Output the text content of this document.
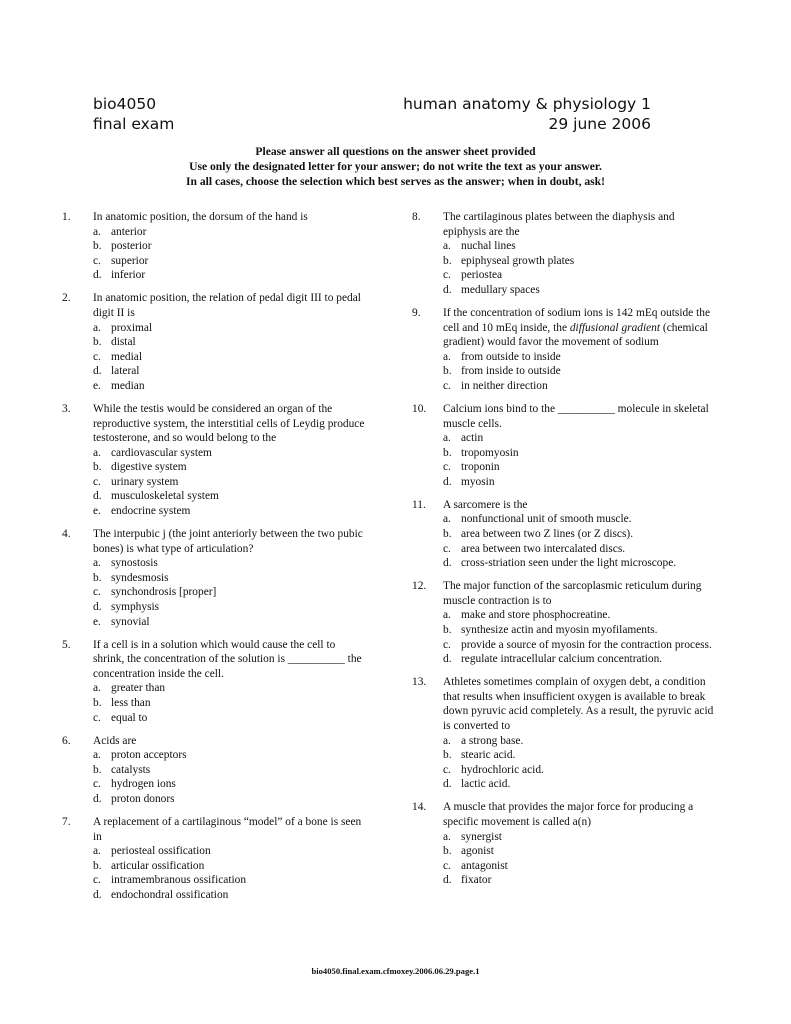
bio4050
final exam
human anatomy & physiology 1
29 june 2006
Please answer all questions on the answer sheet provided
Use only the designated letter for your answer; do not write the text as your answer.
In all cases, choose the selection which best serves as the answer; when in doubt, ask!
1.	In anatomic position, the dorsum of the hand is
a. anterior
b. posterior
c. superior
d. inferior
2.	In anatomic position, the relation of pedal digit III to pedal digit II is
a. proximal
b. distal
c. medial
d. lateral
e. median
3.	While the testis would be considered an organ of the reproductive system, the interstitial cells of Leydig produce testosterone, and so would belong to the
a. cardiovascular system
b. digestive system
c. urinary system
d. musculoskeletal system
e. endocrine system
4.	The interpubic j (the joint anteriorly between the two pubic bones) is what type of articulation?
a. synostosis
b. syndesmosis
c. synchondrosis [proper]
d. symphysis
e. synovial
5.	If a cell is in a solution which would cause the cell to shrink, the concentration of the solution is __________ the concentration inside the cell.
a. greater than
b. less than
c. equal to
6.	Acids are
a. proton acceptors
b. catalysts
c. hydrogen ions
d. proton donors
7.	A replacement of a cartilaginous “model” of a bone is seen in
a. periosteal ossification
b. articular ossification
c. intramembranous ossification
d. endochondral ossification
8.	The cartilaginous plates between the diaphysis and epiphysis are the
a. nuchal lines
b. epiphyseal growth plates
c. periostea
d. medullary spaces
9.	If the concentration of sodium ions is 142 mEq outside the cell and 10 mEq inside, the diffusional gradient (chemical gradient) would favor the movement of sodium
a. from outside to inside
b. from inside to outside
c. in neither direction
10.	Calcium ions bind to the __________ molecule in skeletal muscle cells.
a. actin
b. tropomyosin
c. troponin
d. myosin
11.	A sarcomere is the
a. nonfunctional unit of smooth muscle.
b. area between two Z lines (or Z discs).
c. area between two intercalated discs.
d. cross-striation seen under the light microscope.
12.	The major function of the sarcoplasmic reticulum during muscle contraction is to
a. make and store phosphocreatine.
b. synthesize actin and myosin myofilaments.
c. provide a source of myosin for the contraction process.
d. regulate intracellular calcium concentration.
13.	Athletes sometimes complain of oxygen debt, a condition that results when insufficient oxygen is available to break down pyruvic acid completely. As a result, the pyruvic acid is converted to
a. a strong base.
b. stearic acid.
c. hydrochloric acid.
d. lactic acid.
14.	A muscle that provides the major force for producing a specific movement is called a(n)
a. synergist
b. agonist
c. antagonist
d. fixator
bio4050.final.exam.cfmoxey.2006.06.29.page.1
